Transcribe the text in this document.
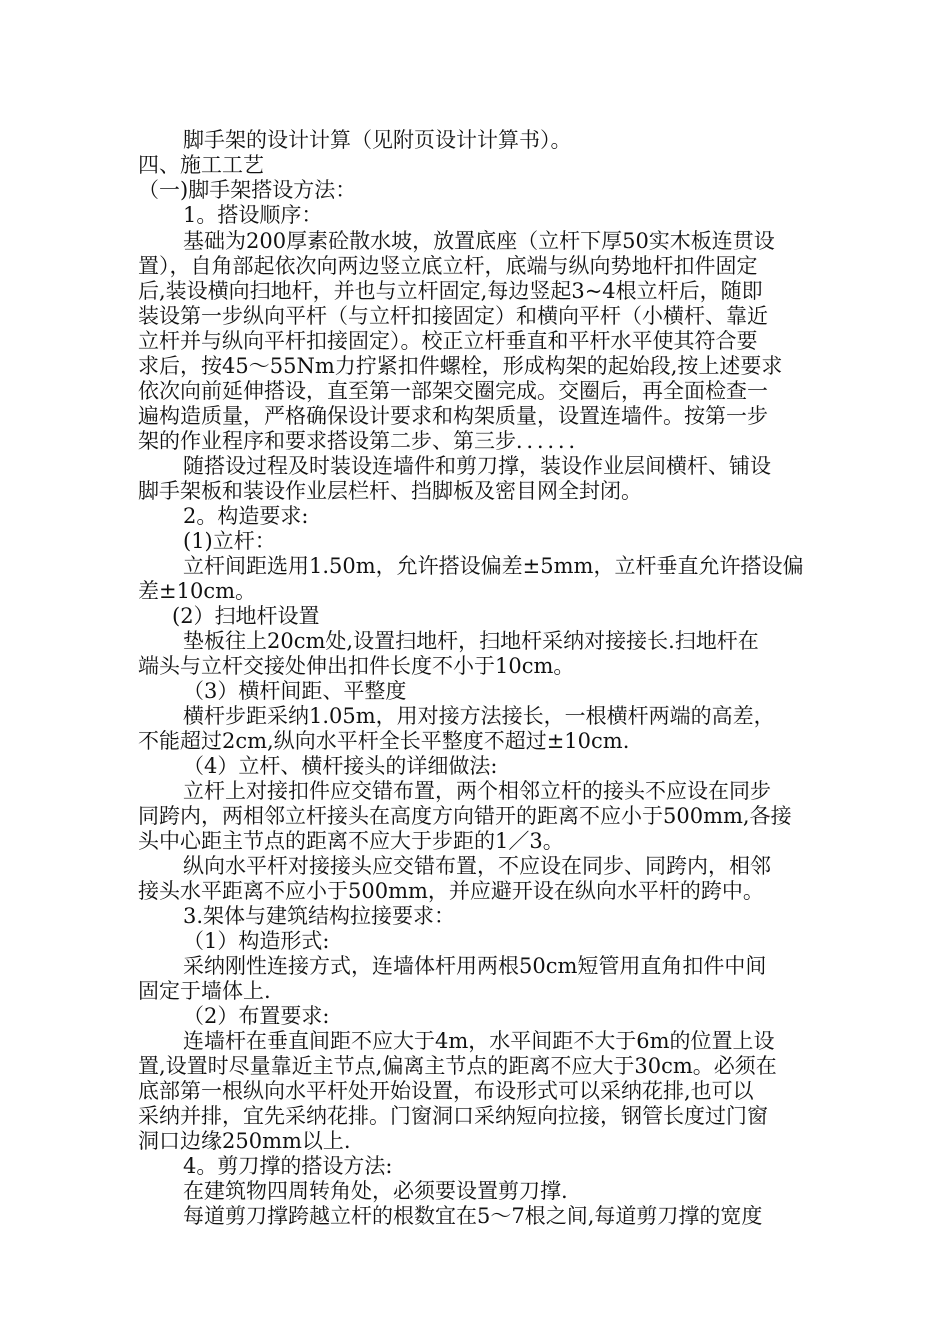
脚手架的设计计算（见附页设计计算书）。
四、施工工艺
（一)脚手架搭设方法：
1。搭设顺序：
基础为200厚素砼散水坡，放置底座（立杆下厚50实木板连贯设
置），自角部起依次向两边竖立底立杆，底端与纵向势地杆扣件固定
后,装设横向扫地杆，并也与立杆固定,每边竖起3~4根立杆后，随即
装设第一步纵向平杆（与立杆扣接固定）和横向平杆（小横杆、靠近
立杆并与纵向平杆扣接固定）。校正立杆垂直和平杆水平使其符合要
求后，按45～55Nm力拧紧扣件螺栓，形成构架的起始段,按上述要求
依次向前延伸搭设，直至第一部架交圈完成。交圈后，再全面检查一
遍构造质量，严格确保设计要求和构架质量，设置连墙件。按第一步
架的作业程序和要求搭设第二步、第三步．．．．．．
随搭设过程及时装设连墙件和剪刀撑，装设作业层间横杆、铺设
脚手架板和装设作业层栏杆、挡脚板及密目网全封闭。
2。构造要求:
(1)立杆：
立杆间距选用1.50m，允许搭设偏差±5mm，立杆垂直允许搭设偏
差±10cm。
(2）扫地杆设置
垫板往上20cm处,设置扫地杆，扫地杆采纳对接接长.扫地杆在
端头与立杆交接处伸出扣件长度不小于10cm。
（3）横杆间距、平整度
横杆步距采纳1.05m，用对接方法接长，一根横杆两端的高差，
不能超过2cm,纵向水平杆全长平整度不超过±10cm.
（4）立杆、横杆接头的详细做法:
立杆上对接扣件应交错布置，两个相邻立杆的接头不应设在同步
同跨内，两相邻立杆接头在高度方向错开的距离不应小于500mm,各接
头中心距主节点的距离不应大于步距的1／3。
纵向水平杆对接接头应交错布置，不应设在同步、同跨内，相邻
接头水平距离不应小于500mm，并应避开设在纵向水平杆的跨中。
3.架体与建筑结构拉接要求：
（1）构造形式:
采纳刚性连接方式，连墙体杆用两根50cm短管用直角扣件中间
固定于墙体上.
（2）布置要求:
连墙杆在垂直间距不应大于4m，水平间距不大于6m的位置上设
置,设置时尽量靠近主节点,偏离主节点的距离不应大于30cm。必须在
底部第一根纵向水平杆处开始设置，布设形式可以采纳花排,也可以
采纳并排，宜先采纳花排。门窗洞口采纳短向拉接，钢管长度过门窗
洞口边缘250mm以上.
4。剪刀撑的搭设方法:
在建筑物四周转角处，必须要设置剪刀撑.
每道剪刀撑跨越立杆的根数宜在5～7根之间,每道剪刀撑的宽度
